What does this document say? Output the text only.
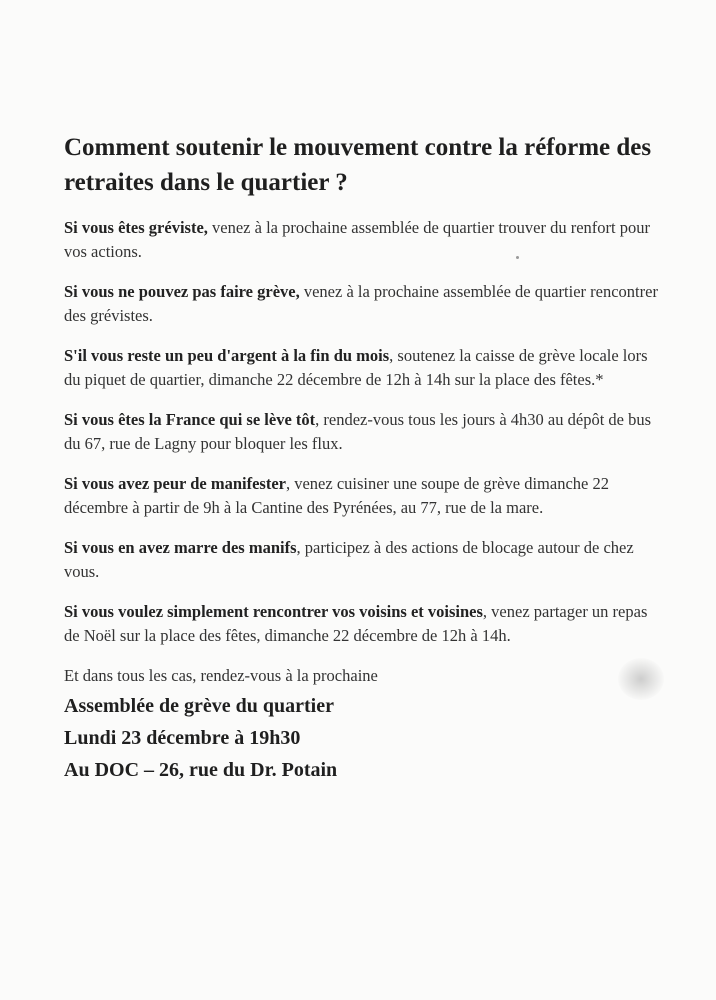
Comment soutenir le mouvement contre la réforme des retraites dans le quartier ?

Si vous êtes gréviste, venez à la prochaine assemblée de quartier trouver du renfort pour vos actions.

Si vous ne pouvez pas faire grève, venez à la prochaine assemblée de quartier rencontrer des grévistes.

S'il vous reste un peu d'argent à la fin du mois, soutenez la caisse de grève locale lors du piquet de quartier, dimanche 22 décembre de 12h à 14h sur la place des fêtes.*

Si vous êtes la France qui se lève tôt, rendez-vous tous les jours à 4h30 au dépôt de bus du 67, rue de Lagny pour bloquer les flux.

Si vous avez peur de manifester, venez cuisiner une soupe de grève dimanche 22 décembre à partir de 9h à la Cantine des Pyrénées, au 77, rue de la mare.

Si vous en avez marre des manifs, participez à des actions de blocage autour de chez vous.

Si vous voulez simplement rencontrer vos voisins et voisines, venez partager un repas de Noël sur la place des fêtes, dimanche 22 décembre de 12h à 14h.

Et dans tous les cas, rendez-vous à la prochaine

Assemblée de grève du quartier
Lundi 23 décembre à 19h30
Au DOC – 26, rue du Dr. Potain
